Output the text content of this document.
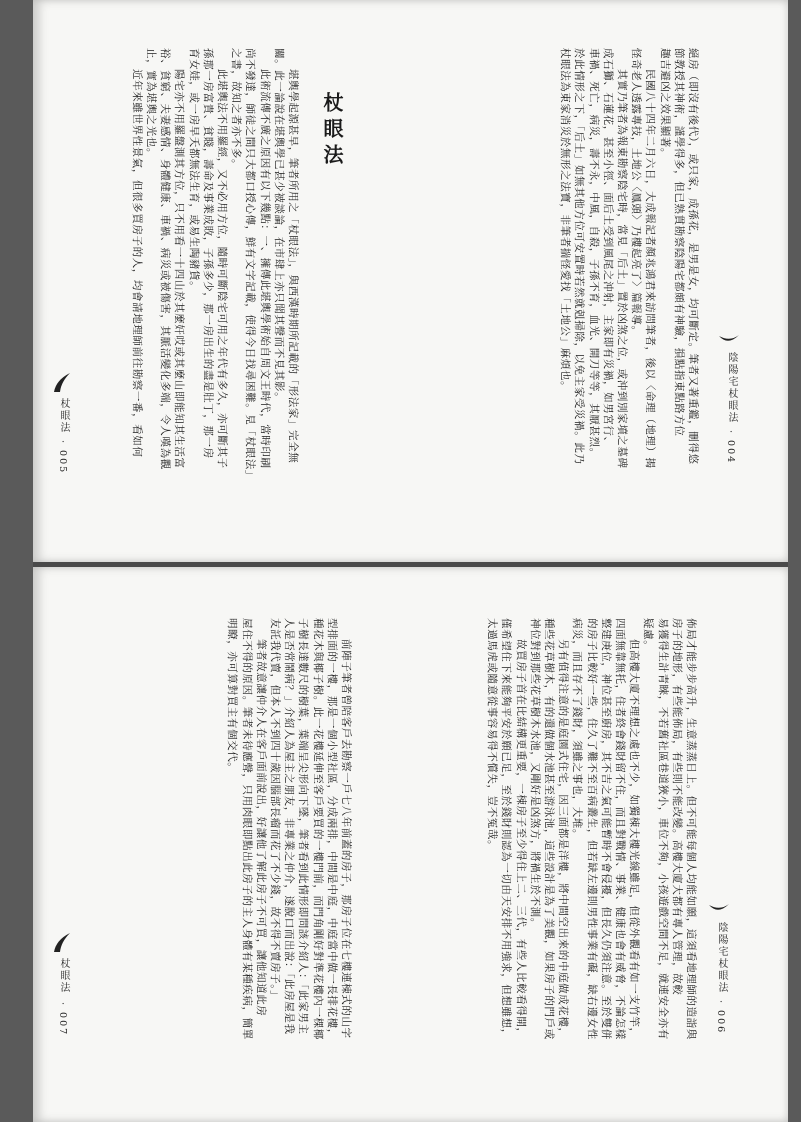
陰陽宅杖眼法
· 004
絕房（即沒有後代），或只家，成孫花，是男是女，均可斷定。筆者又著重鑑，刪得悠
節教授其神術，謹學得多，但已熟貫勘察陰陽宅都頗有神驗，損點指東點路方位
趣吉避凶之效果顯著。
民國八十四年二月六日，大成報記者顏兆鴻君來訪問筆者，後以〈命理（地理）揭
怪奇老人透露專技，土地公〈鳳頭〉乃樓起亮了〉篇報導。
其實乃筆者為報東勘察陰宅時，當見「后土」置於凶煞之位，或沖到別家墳之墓碑
成石獅、石蓮花，甚至小徑、面后土受到風尾之沖射，主家即有災禍，如男宮行、
車禍、死亡，病災，壽不永，中風，自殺，子孫不育，血光、開刀等等，其厭甚烈。
於此情形之下，「后土」如無其他方位可安置時若然就剋掃除，以免主家受災禍。此乃
杖眼法為東家消災於無形之法寶，非筆者揣怪愛找「土地公」麻煩也。
杖眼法
堪輿學起源甚早，筆者所用之「杖眼法」，與西漢時期所記載的「形法家」完全無
關。此一論說在堪輿學已甚少被談論，在市肆上亦只聞其聲而不見其影。
此術流傳不廣之原因有以下幾點：一、擁傳此堪輿學術始自周文王時代，當時印刷
尚不發達，師徒之間只大都口授心傳，鮮有文字記載，使得今日找尋困難。見「杖眼法」
之書，故知之者亦不多。
此堪輿法不用羅經，又不必用方位，隨時可斷陰宅可用之年代有多久，亦可斷其子
孫那一房富貴、貧賤，壽命及事業成敗，子孫多少，那一房出生的盡是肚丁，那一房
育女娃，或一房早夭都無法生育，或易生陶豬貨。
陽宅亦不用羅盤測其方位，只不用看一十四山於其麼奸哎或其麼山即能知其生活富
裕、貧窮、夫妻感情、身體健康、車禍、病災或被傷害，其脈活變化多端，令人嘆為觀
止，實為堪輿之光也。
近年來雖世界性景氣，但很多買房子的人，均會請地理師前往勘察一番，看如何
杖眼法
· 005
陰陽宅杖眼法
· 006
佈局才能步步高升，生意蒸蒸日上。但不可能每個人均能如願，這須看地理師的造詣與
房子的地形，有些能佈局，有些則不能改變。高樓大廈大都有專人管理，故較
易獲得生計青睞，不若舊社區巷道狹小，車位不夠，小孩遊戲空間不足，就連安全亦有
疑慮。
但高樓大廈不理想之處也不少，如獨棟大樓光線雖足，但從外觀看有如一支竹竿，
四面無靠無托，住者終會錢財留不住，而且對戰情、事業、健康也會有威脅，不論怎樣
整建庚位，神位甚至廚房，其不吉之氣可能暫時不會侵擾，但長久仍須注意。至於雙併
的房子比較好一些，住久了難不至百病叢生，但若缺左邊則男性事業有礙，缺右邊女性
病災，而且存不了錢財，須雖之事也，大堆。
另有值得注意的是庭園式住宅，因三面都是洋樓，將中間空出來的中庭做成花樓，
種些花草樹木，有的還做個水池甚至游泳池，這些設計是為了美觀，如果房子的門戶或
神位對到那些花草樹木水池，又剛好是凶煞方，將禍生於不測。
故買房子首在比結構更重要，一棟房子至少得住上二、三代，有些人比較看得開，
僅希望住下來能夠平安於願已足，至於錢財則認為一切由天安排不用強求，但想雖想，
太過馬虎或隨意從事容易得不償失，豈不冤哉。
前陣子筆者曾陪客戶去勘察一戶七八年前蓋的房子，那房子位在七樓連棟式的山字
型排面的一樓，那是一個小型社區，分成兩排，中間是中庭，中庭當中做一長排花樓，
種花木與椰子樹。此一花樓延伸至客戶要買的一樓門前，而門角剛好對準花樓內一棵椰
子樹長達數尺的樹葉，葉端呈尖形向下墜，筆者看到此情形即問該介紹人：「此家男主
人是否常鬧病？」介紹人為屋主之朋友，非專業之仲介，遂脫口而出說：「此房屋是我
友託我代賣，但本人不到四十歲因腦部長瘤而花了不少錢，故不得不賣房子。」
筆者故意讓仲介人在客戶面前說出，好讓他了解此房子不可買，讓他知道此房
屋住不得的原因。筆者未待應聲，只用肉眼即點出此房子的主人身體有某種疾病，簡單
明瞭，亦可算對買主有個交代。
杖眼法
· 007
